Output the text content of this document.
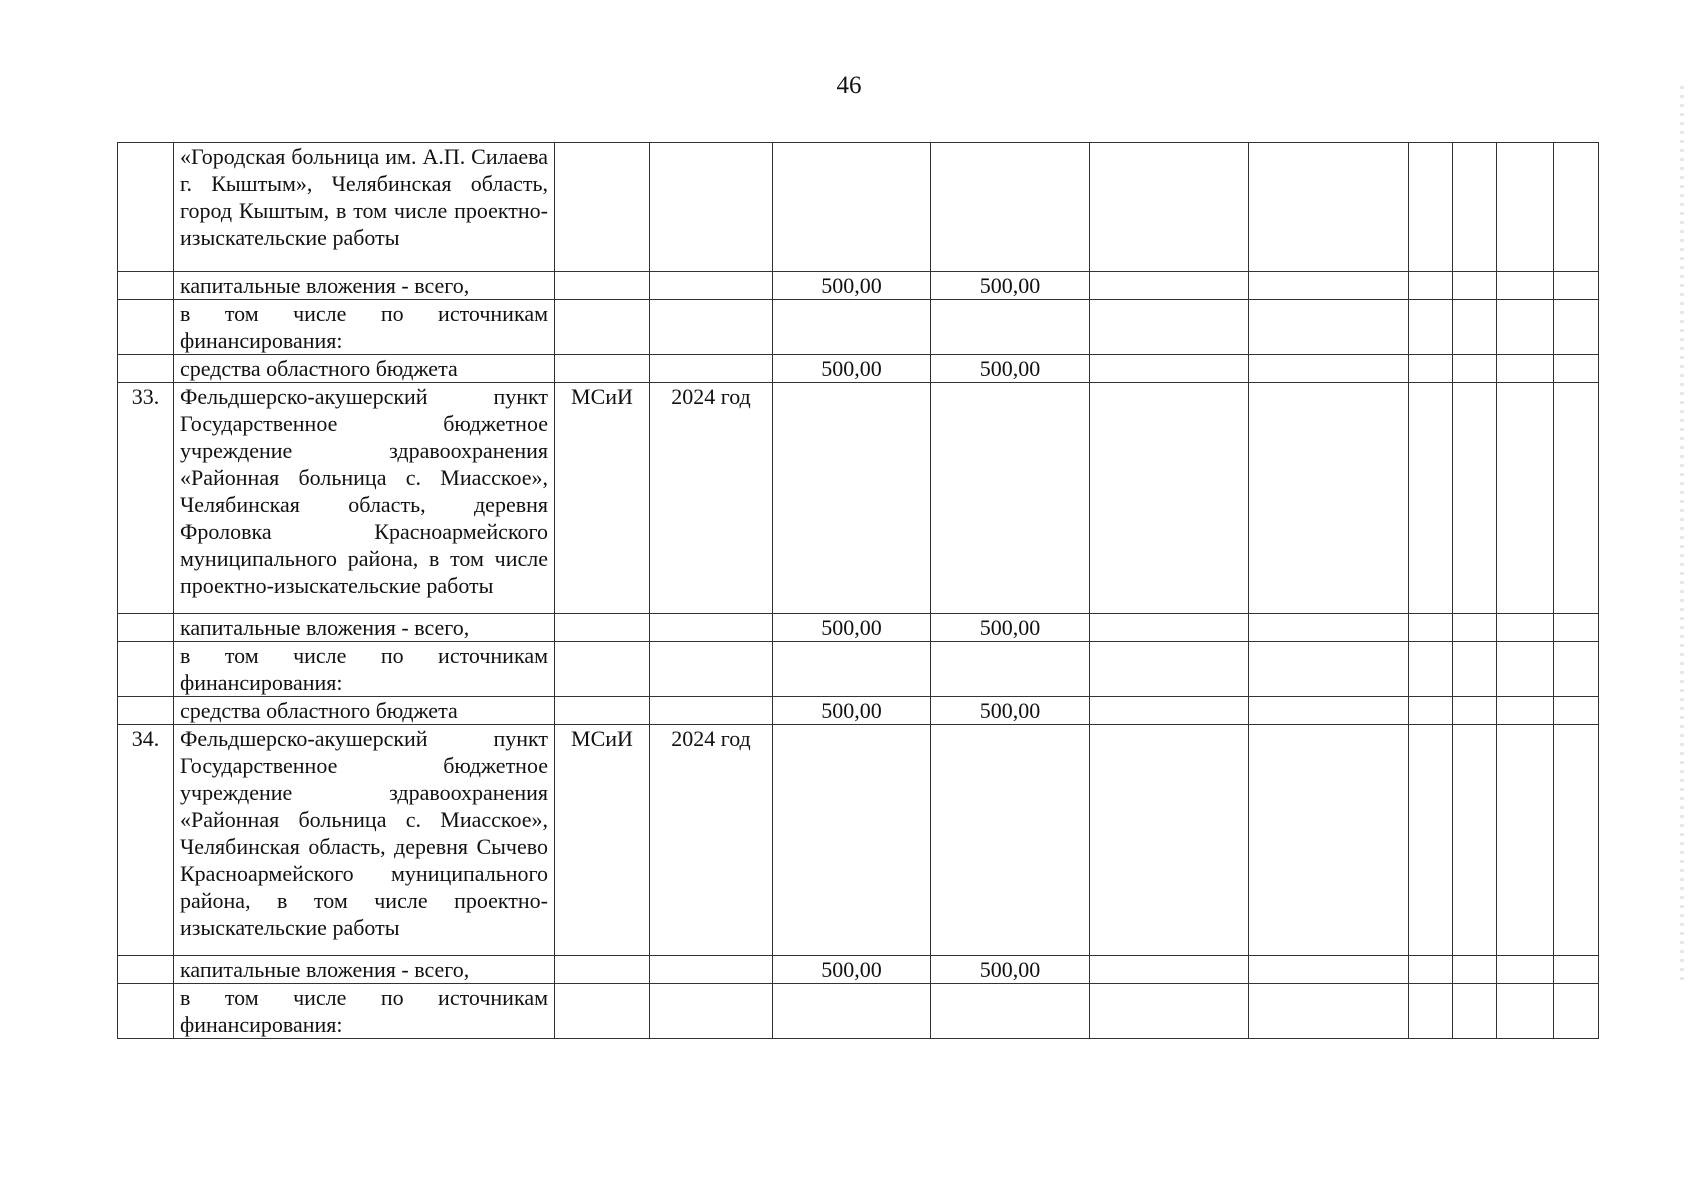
46
	«Городская больница им. А.П. Силаева г. Кыштым», Челябинская область, город Кыштым, в том числе проектно-изыскательские работы										
	капитальные вложения - всего,			500,00	500,00						
	в том числе по источникам финансирования:										
	средства областного бюджета			500,00	500,00						
33.	Фельдшерско-акушерский пункт Государственное бюджетное учреждение здравоохранения «Районная больница с. Миасское», Челябинская область, деревня Фроловка Красноармейского муниципального района, в том числе проектно-изыскательские работы	МСиИ	2024 год								
	капитальные вложения - всего,			500,00	500,00						
	в том числе по источникам финансирования:										
	средства областного бюджета			500,00	500,00						
34.	Фельдшерско-акушерский пункт Государственное бюджетное учреждение здравоохранения «Районная больница с. Миасское», Челябинская область, деревня Сычево Красноармейского муниципального района, в том числе проектно-изыскательские работы	МСиИ	2024 год								
	капитальные вложения - всего,			500,00	500,00						
	в том числе по источникам финансирования:										
